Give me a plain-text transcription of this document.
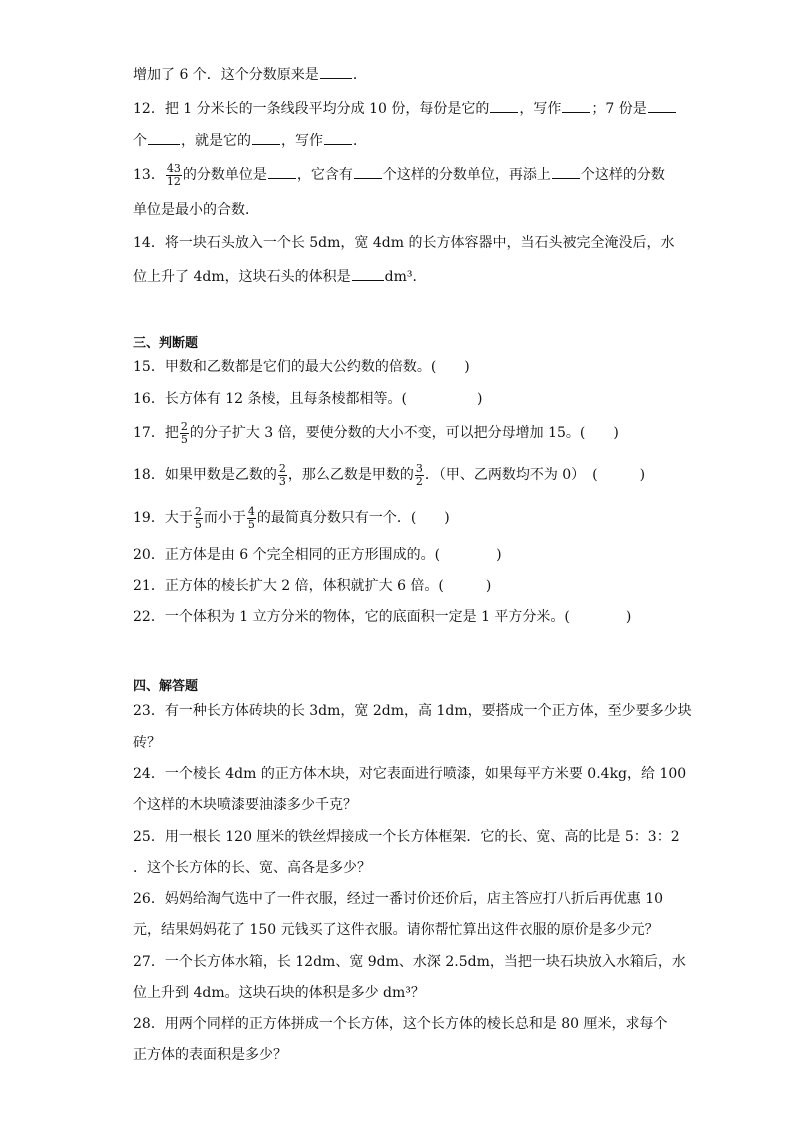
增加了 6 个．这个分数原来是 ．
12．把 1 分米长的一条线段平均分成 10 份，每份是它的 ，写作 ；7 份是
个 ，就是它的 ，写作 ．
13． $\frac{43}{12}$ 的分数单位是 ，它含有 个这样的分数单位，再添上 个这样的分数
单位是最小的合数．
14．将一块石头放入一个长 5dm，宽 4dm 的长方体容器中，当石头被完全淹没后，水
位上升了 4dm，这块石头的体积是 dm³．
三、判断题
15．甲数和乙数都是它们的最大公约数的倍数。(　　)
16．长方体有 12 条棱，且每条棱都相等。(　　　　　)
17．把 $\frac{2}{5}$ 的分子扩大 3 倍，要使分数的大小不变，可以把分母增加 15。(　　)
18．如果甲数是乙数的 $\frac{2}{3}$ ，那么乙数是甲数的 $\frac{3}{2}$ ．（甲、乙两数均不为 0）　(　　　)
19．大于 $\frac{2}{5}$ 而小于 $\frac{4}{5}$ 的最简真分数只有一个．(　　)
20．正方体是由 6 个完全相同的正方形围成的。(　　　　)
21．正方体的棱长扩大 2 倍，体积就扩大 6 倍。(　　　)
22．一个体积为 1 立方分米的物体，它的底面积一定是 1 平方分米。(　　　　)
四、解答题
23．有一种长方体砖块的长 3dm，宽 2dm，高 1dm，要搭成一个正方体，至少要多少块
砖？
24．一个棱长 4dm 的正方体木块，对它表面进行喷漆，如果每平方米要 0.4kg，给 100
个这样的木块喷漆要油漆多少千克？
25．用一根长 120 厘米的铁丝焊接成一个长方体框架．它的长、宽、高的比是 5：3：2
．这个长方体的长、宽、高各是多少？
26．妈妈给淘气选中了一件衣服，经过一番讨价还价后，店主答应打八折后再优惠 10
元，结果妈妈花了 150 元钱买了这件衣服。请你帮忙算出这件衣服的原价是多少元？
27．一个长方体水箱，长 12dm、宽 9dm、水深 2.5dm，当把一块石块放入水箱后，水
位上升到 4dm。这块石块的体积是多少 dm³？
28．用两个同样的正方体拼成一个长方体，这个长方体的棱长总和是 80 厘米，求每个
正方体的表面积是多少？
